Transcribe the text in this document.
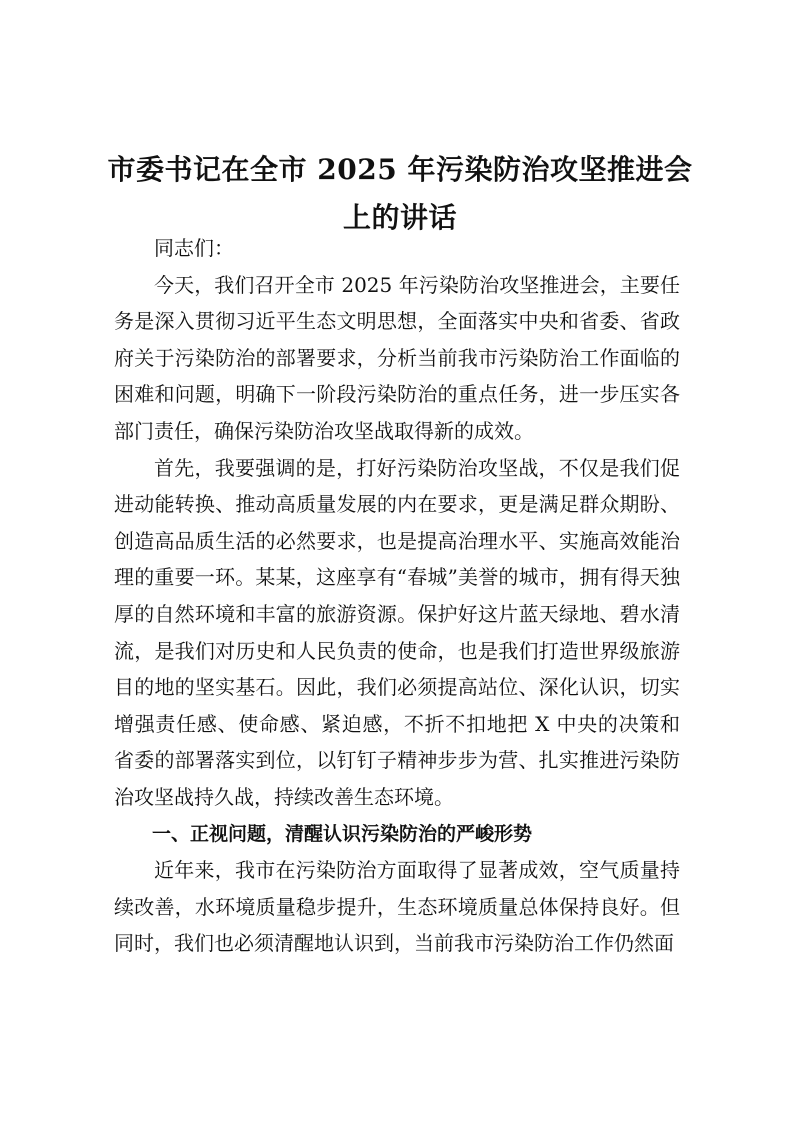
市委书记在全市 2025 年污染防治攻坚推进会
上的讲话

同志们：

今天，我们召开全市 2025 年污染防治攻坚推进会，主要任务是深入贯彻习近平生态文明思想，全面落实中央和省委、省政府关于污染防治的部署要求，分析当前我市污染防治工作面临的困难和问题，明确下一阶段污染防治的重点任务，进一步压实各部门责任，确保污染防治攻坚战取得新的成效。

首先，我要强调的是，打好污染防治攻坚战，不仅是我们促进动能转换、推动高质量发展的内在要求，更是满足群众期盼、创造高品质生活的必然要求，也是提高治理水平、实施高效能治理的重要一环。某某，这座享有“春城”美誉的城市，拥有得天独厚的自然环境和丰富的旅游资源。保护好这片蓝天绿地、碧水清流，是我们对历史和人民负责的使命，也是我们打造世界级旅游目的地的坚实基石。因此，我们必须提高站位、深化认识，切实增强责任感、使命感、紧迫感，不折不扣地把 X 中央的决策和省委的部署落实到位，以钉钉子精神步步为营、扎实推进污染防治攻坚战持久战，持续改善生态环境。

一、正视问题，清醒认识污染防治的严峻形势

近年来，我市在污染防治方面取得了显著成效，空气质量持续改善，水环境质量稳步提升，生态环境质量总体保持良好。但同时，我们也必须清醒地认识到，当前我市污染防治工作仍然面
